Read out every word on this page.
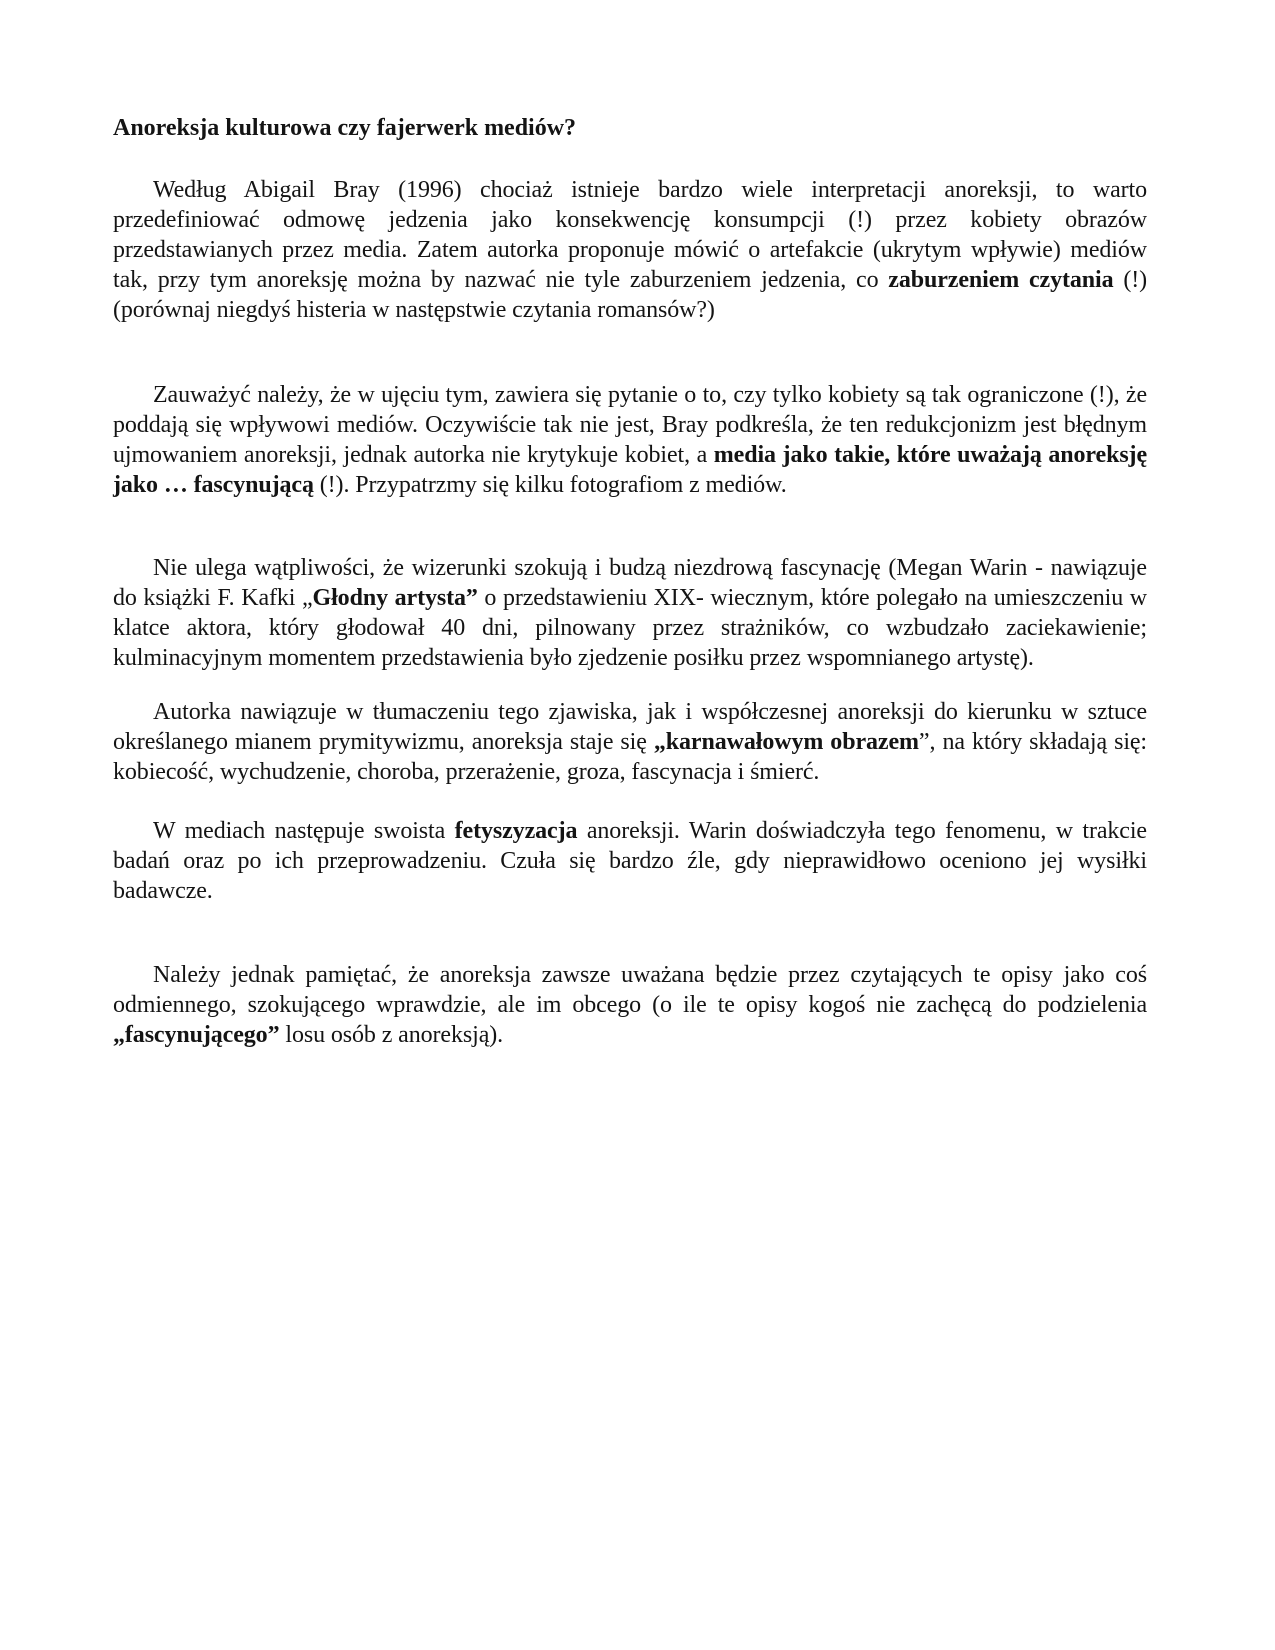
Anoreksja kulturowa czy fajerwerk mediów?

Według Abigail Bray (1996) chociaż istnieje bardzo wiele interpretacji anoreksji, to warto przedefiniować odmowę jedzenia jako konsekwencję konsumpcji (!) przez kobiety obrazów przedstawianych przez media. Zatem autorka proponuje mówić o artefakcie (ukrytym wpływie) mediów tak, przy tym anoreksję można by nazwać nie tyle zaburzeniem jedzenia, co zaburzeniem czytania (!) (porównaj niegdyś histeria w następstwie czytania romansów?)

Zauważyć należy, że w ujęciu tym, zawiera się pytanie o to, czy tylko kobiety są tak ograniczone (!), że poddają się wpływowi mediów. Oczywiście tak nie jest, Bray podkreśla, że ten redukcjonizm jest błędnym ujmowaniem anoreksji, jednak autorka nie krytykuje kobiet, a media jako takie, które uważają anoreksję jako … fascynującą (!). Przypatrzmy się kilku fotografiom z mediów.

Nie ulega wątpliwości, że wizerunki szokują i budzą niezdrową fascynację (Megan Warin - nawiązuje do książki F. Kafki „Głodny artysta” o przedstawieniu XIX- wiecznym, które polegało na umieszczeniu w klatce aktora, który głodował 40 dni, pilnowany przez strażników, co wzbudzało zaciekawienie; kulminacyjnym momentem przedstawienia było zjedzenie posiłku przez wspomnianego artystę).

Autorka nawiązuje w tłumaczeniu tego zjawiska, jak i współczesnej anoreksji do kierunku w sztuce określanego mianem prymitywizmu, anoreksja staje się „karnawałowym obrazem”, na który składają się: kobiecość, wychudzenie, choroba, przerażenie, groza, fascynacja i śmierć.

W mediach następuje swoista fetyszyzacja anoreksji. Warin doświadczyła tego fenomenu, w trakcie badań oraz po ich przeprowadzeniu. Czuła się bardzo źle, gdy nieprawidłowo oceniono jej wysiłki badawcze.

Należy jednak pamiętać, że anoreksja zawsze uważana będzie przez czytających te opisy jako coś odmiennego, szokującego wprawdzie, ale im obcego (o ile te opisy kogoś nie zachęcą do podzielenia „fascynującego” losu osób z anoreksją).
